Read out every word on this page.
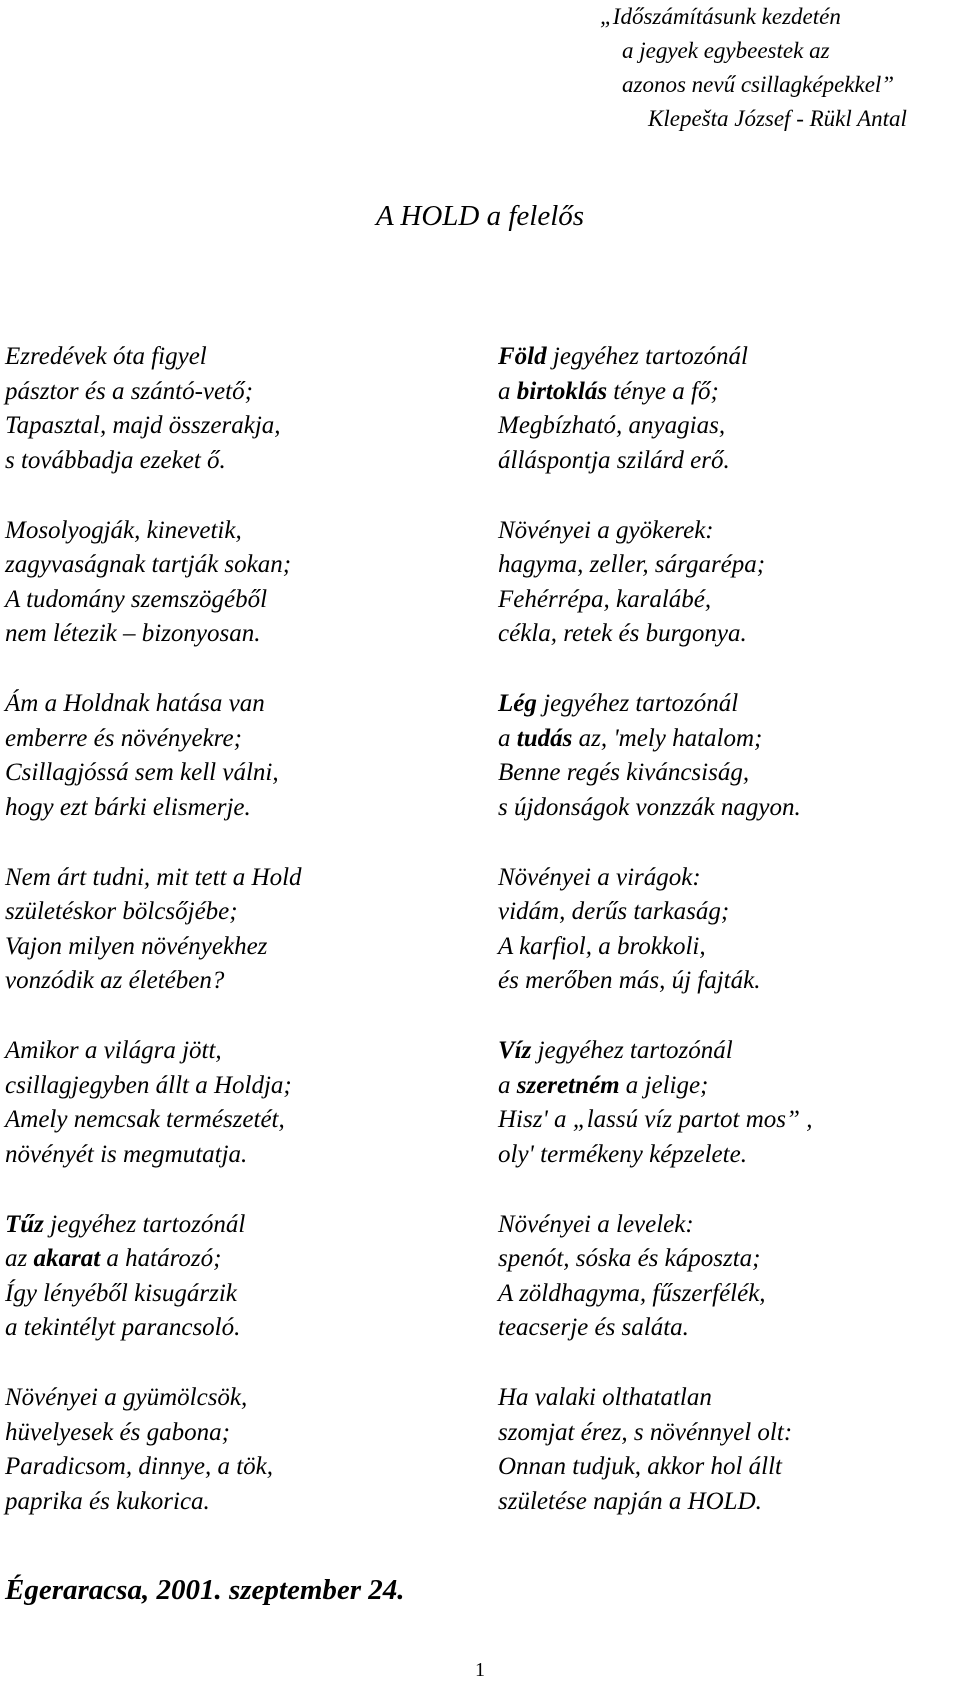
„Időszámításunk kezdetén
a jegyek egybeestek az
azonos nevű csillagképekkel”
Klepešta József - Rükl Antal
A HOLD a felelős
Ezredévek óta figyel
pásztor és a szántó-vető;
Tapasztal, majd összerakja,
s továbbadja ezeket ő.
Mosolyogják, kinevetik,
zagyvaságnak tartják sokan;
A tudomány szemszögéből
nem létezik – bizonyosan.
Ám a Holdnak hatása van
emberre és növényekre;
Csillagjóssá sem kell válni,
hogy ezt bárki elismerje.
Nem árt tudni, mit tett a Hold
születéskor bölcsőjébe;
Vajon milyen növényekhez
vonzódik az életében?
Amikor a világra jött,
csillagjegyben állt a Holdja;
Amely nemcsak természetét,
növényét is megmutatja.
Tűz jegyéhez tartozónál
az akarat a határozó;
Így lényéből kisugárzik
a tekintélyt parancsoló.
Növényei a gyümölcsök,
hüvelyesek és gabona;
Paradicsom, dinnye, a tök,
paprika és kukorica.
Föld jegyéhez tartozónál
a birtoklás ténye a fő;
Megbízható, anyagias,
álláspontja szilárd erő.
Növényei a gyökerek:
hagyma, zeller, sárgarépa;
Fehérrépa, karalábé,
cékla, retek és burgonya.
Lég jegyéhez tartozónál
a tudás az, 'mely hatalom;
Benne regés kiváncsiság,
s újdonságok vonzzák nagyon.
Növényei a virágok:
vidám, derűs tarkaság;
A karfiol, a brokkoli,
és merőben más, új fajták.
Víz jegyéhez tartozónál
a szeretném a jelige;
Hisz' a „lassú víz partot mos” ,
oly' termékeny képzelete.
Növényei a levelek:
spenót, sóska és káposzta;
A zöldhagyma, fűszerfélék,
teacserje és saláta.
Ha valaki olthatatlan
szomjat érez, s növénnyel olt:
Onnan tudjuk, akkor hol állt
születése napján a HOLD.
Égeraracsa, 2001. szeptember 24.
1
